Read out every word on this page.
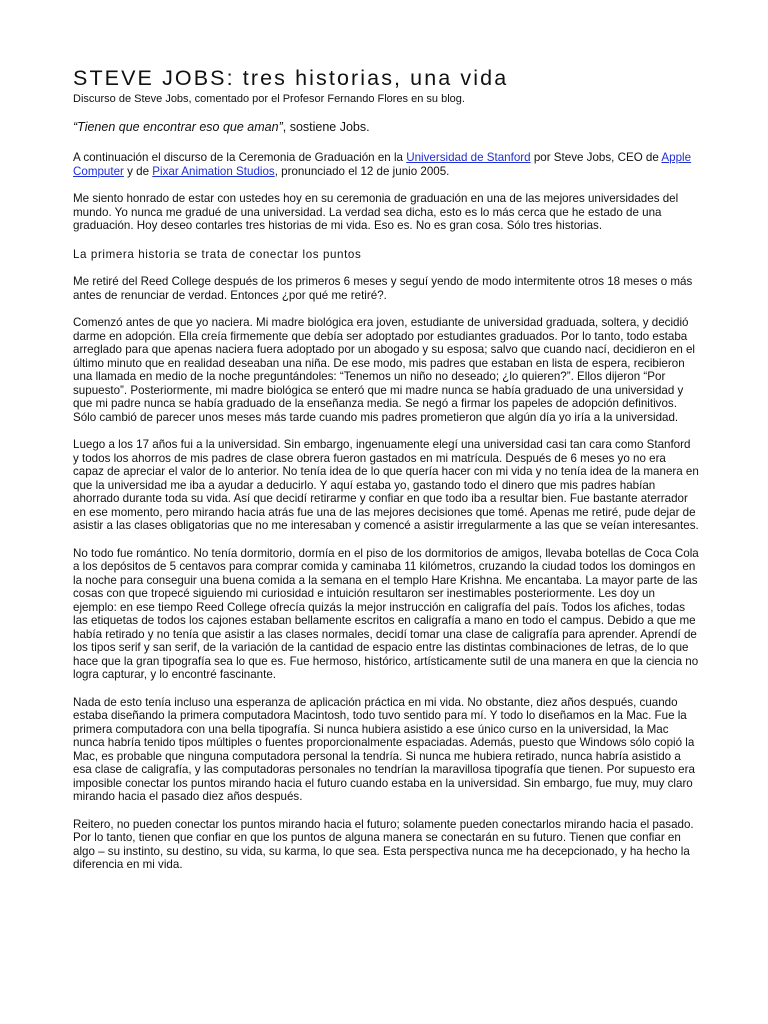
STEVE JOBS: tres historias, una vida

Discurso de Steve Jobs, comentado por el Profesor Fernando Flores en su blog.

“Tienen que encontrar eso que aman”, sostiene Jobs.

A continuación el discurso de la Ceremonia de Graduación en la Universidad de Stanford por Steve Jobs, CEO de Apple Computer y de Pixar Animation Studios, pronunciado el 12 de junio 2005.

Me siento honrado de estar con ustedes hoy en su ceremonia de graduación en una de las mejores universidades del mundo. Yo nunca me gradué de una universidad. La verdad sea dicha, esto es lo más cerca que he estado de una graduación. Hoy deseo contarles tres historias de mi vida. Eso es. No es gran cosa. Sólo tres historias.

La primera historia se trata de conectar los puntos

Me retiré del Reed College después de los primeros 6 meses y seguí yendo de modo intermitente otros 18 meses o más antes de renunciar de verdad. Entonces ¿por qué me retiré?.

Comenzó antes de que yo naciera. Mi madre biológica era joven, estudiante de universidad graduada, soltera, y decidió darme en adopción. Ella creía firmemente que debía ser adoptado por estudiantes graduados. Por lo tanto, todo estaba arreglado para que apenas naciera fuera adoptado por un abogado y su esposa; salvo que cuando nací, decidieron en el último minuto que en realidad deseaban una niña. De ese modo, mis padres que estaban en lista de espera, recibieron una llamada en medio de la noche preguntándoles: “Tenemos un niño no deseado; ¿lo quieren?”. Ellos dijeron “Por supuesto”. Posteriormente, mi madre biológica se enteró que mi madre nunca se había graduado de una universidad y que mi padre nunca se había graduado de la enseñanza media. Se negó a firmar los papeles de adopción definitivos. Sólo cambió de parecer unos meses más tarde cuando mis padres prometieron que algún día yo iría a la universidad.

Luego a los 17 años fui a la universidad. Sin embargo, ingenuamente elegí una universidad casi tan cara como Stanford y todos los ahorros de mis padres de clase obrera fueron gastados en mi matrícula. Después de 6 meses yo no era capaz de apreciar el valor de lo anterior. No tenía idea de lo que quería hacer con mi vida y no tenía idea de la manera en que la universidad me iba a ayudar a deducirlo. Y aquí estaba yo, gastando todo el dinero que mis padres habían ahorrado durante toda su vida. Así que decidí retirarme y confiar en que todo iba a resultar bien. Fue bastante aterrador en ese momento, pero mirando hacia atrás fue una de las mejores decisiones que tomé. Apenas me retiré, pude dejar de asistir a las clases obligatorias que no me interesaban y comencé a asistir irregularmente a las que se veían interesantes.

No todo fue romántico. No tenía dormitorio, dormía en el piso de los dormitorios de amigos, llevaba botellas de Coca Cola a los depósitos de 5 centavos para comprar comida y caminaba 11 kilómetros, cruzando la ciudad todos los domingos en la noche para conseguir una buena comida a la semana en el templo Hare Krishna. Me encantaba. La mayor parte de las cosas con que tropecé siguiendo mi curiosidad e intuición resultaron ser inestimables posteriormente. Les doy un ejemplo: en ese tiempo Reed College ofrecía quizás la mejor instrucción en caligrafía del país. Todos los afiches, todas las etiquetas de todos los cajones estaban bellamente escritos en caligrafía a mano en todo el campus. Debido a que me había retirado y no tenía que asistir a las clases normales, decidí tomar una clase de caligrafía para aprender. Aprendí de los tipos serif y san serif, de la variación de la cantidad de espacio entre las distintas combinaciones de letras, de lo que hace que la gran tipografía sea lo que es. Fue hermoso, histórico, artísticamente sutil de una manera en que la ciencia no logra capturar, y lo encontré fascinante.

Nada de esto tenía incluso una esperanza de aplicación práctica en mi vida. No obstante, diez años después, cuando estaba diseñando la primera computadora Macintosh, todo tuvo sentido para mí. Y todo lo diseñamos en la Mac. Fue la primera computadora con una bella tipografía. Si nunca hubiera asistido a ese único curso en la universidad, la Mac nunca habría tenido tipos múltiples o fuentes proporcionalmente espaciadas. Además, puesto que Windows sólo copió la Mac, es probable que ninguna computadora personal la tendría. Si nunca me hubiera retirado, nunca habría asistido a esa clase de caligrafía, y las computadoras personales no tendrían la maravillosa tipografía que tienen. Por supuesto era imposible conectar los puntos mirando hacia el futuro cuando estaba en la universidad. Sin embargo, fue muy, muy claro mirando hacia el pasado diez años después.

Reitero, no pueden conectar los puntos mirando hacia el futuro; solamente pueden conectarlos mirando hacia el pasado. Por lo tanto, tienen que confiar en que los puntos de alguna manera se conectarán en su futuro. Tienen que confiar en algo – su instinto, su destino, su vida, su karma, lo que sea. Esta perspectiva nunca me ha decepcionado, y ha hecho la diferencia en mi vida.
